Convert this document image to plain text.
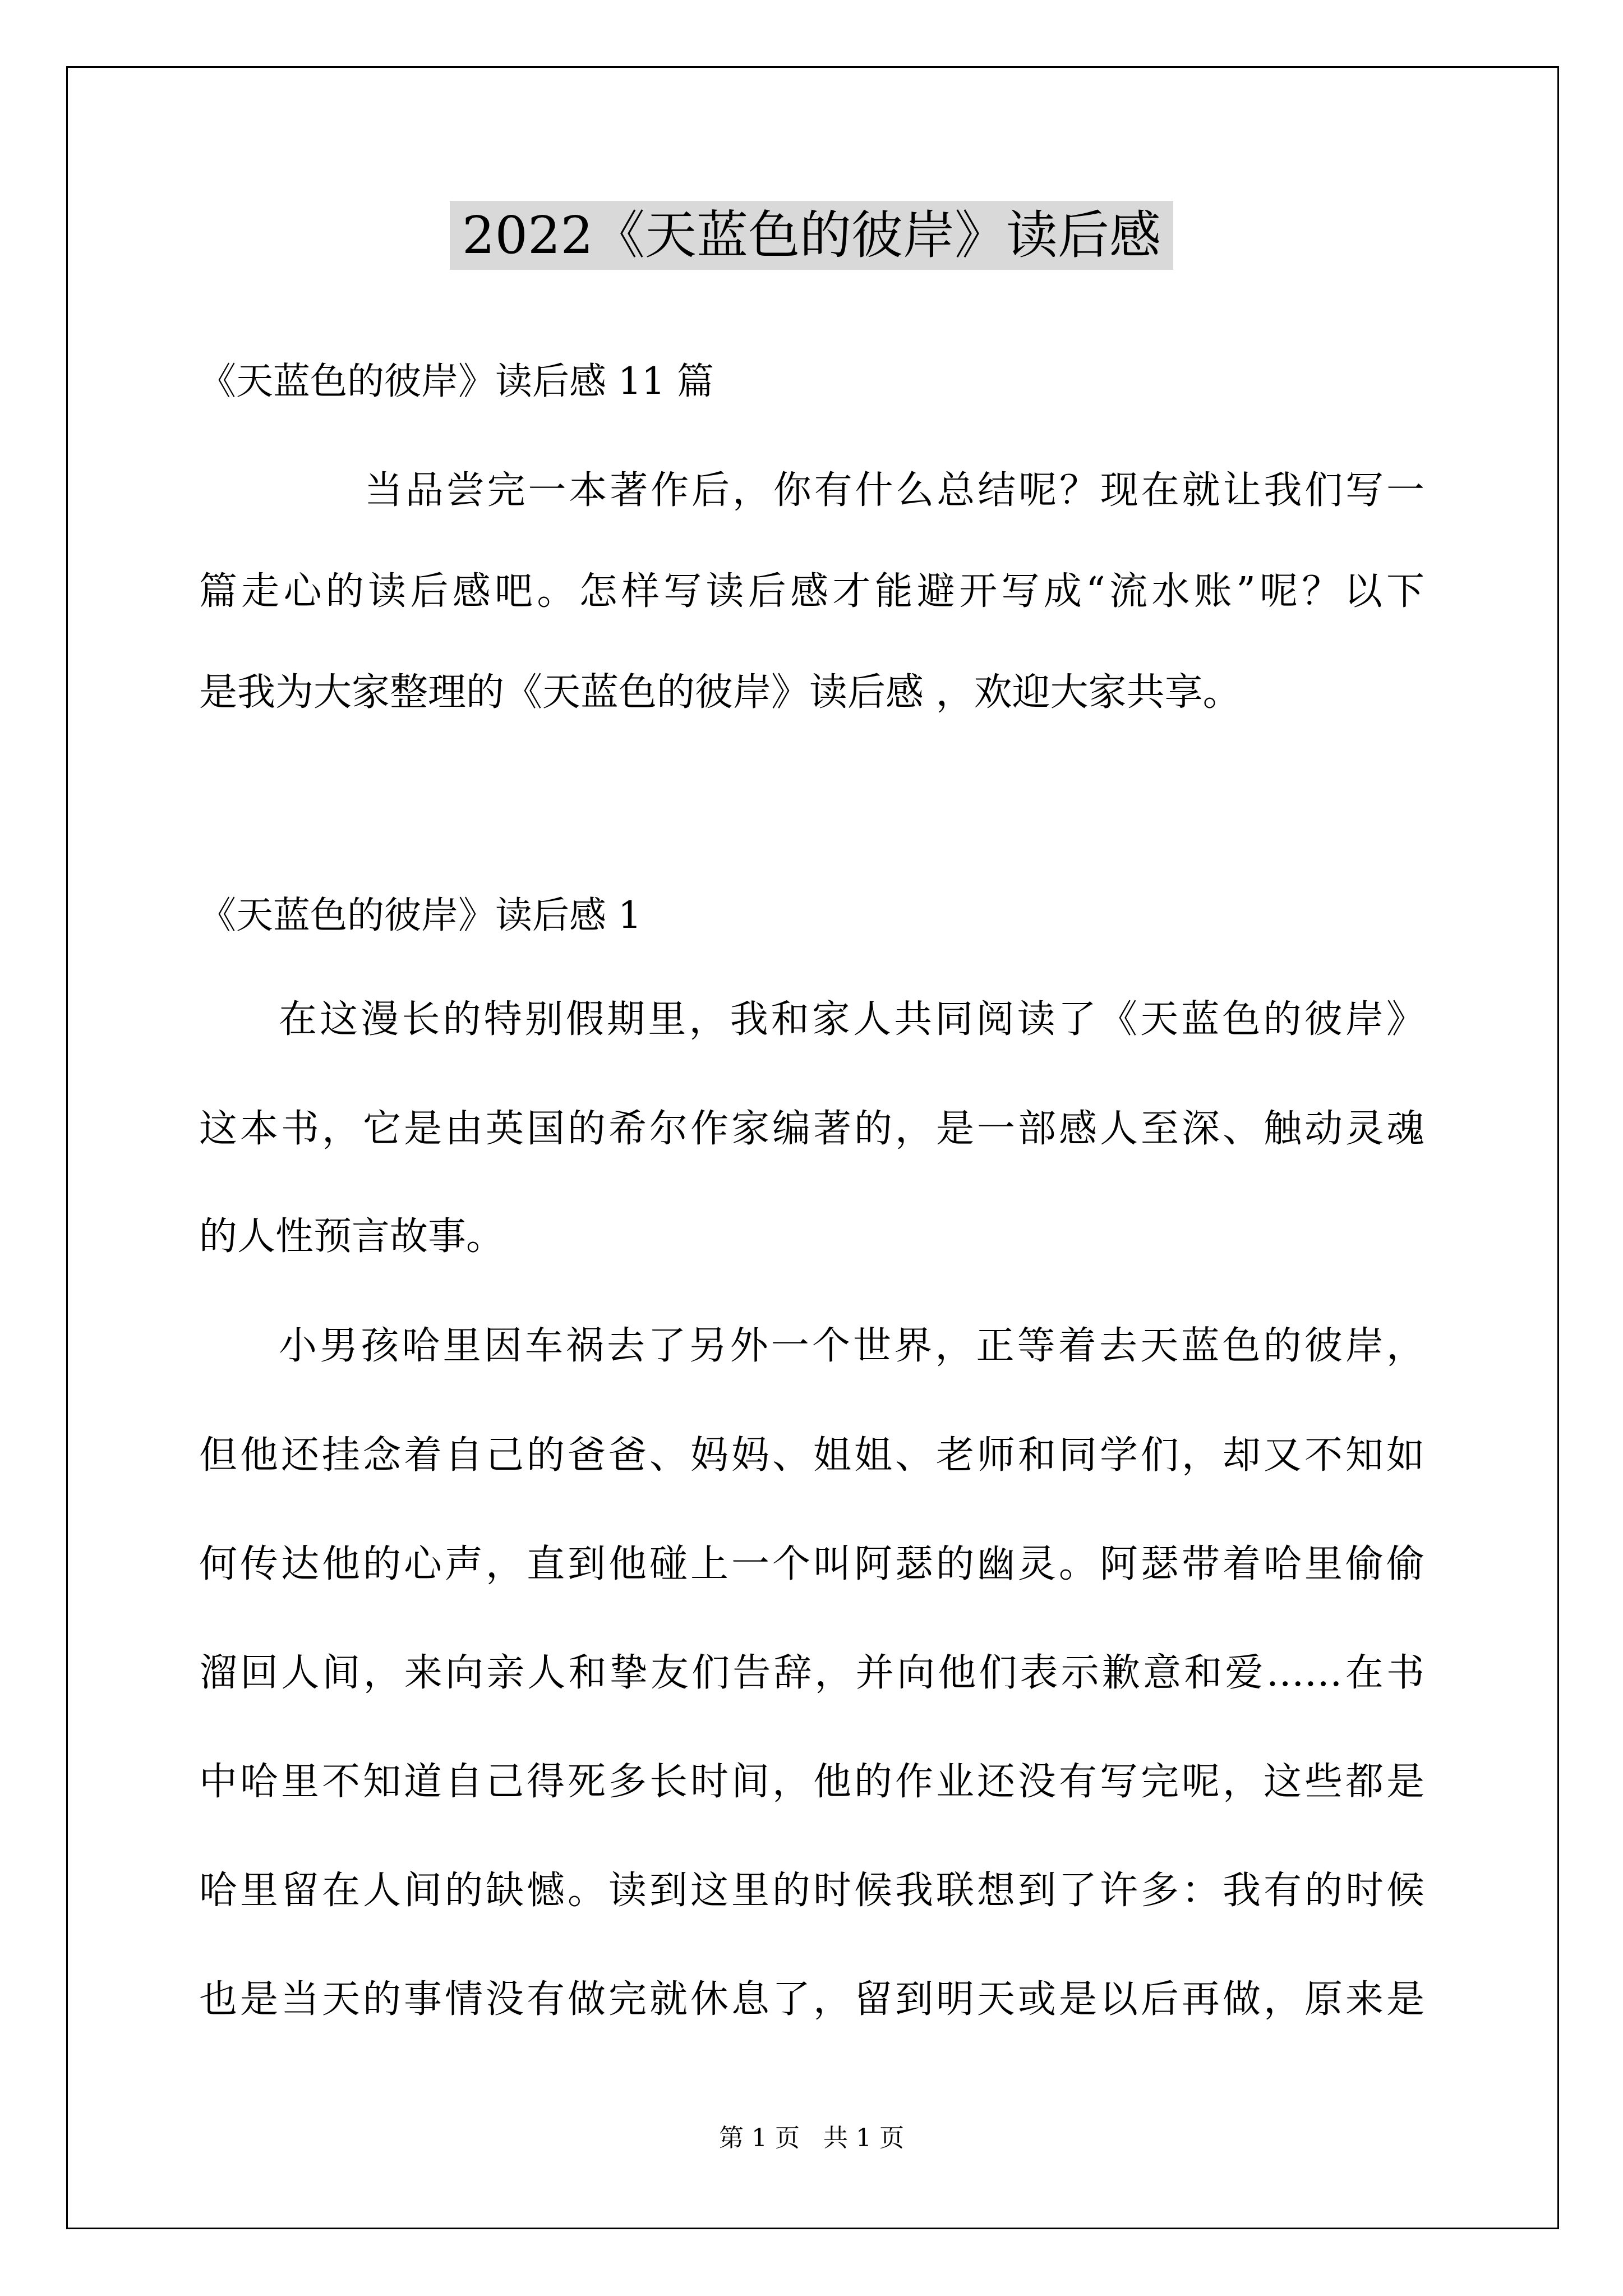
2022《天蓝色的彼岸》读后感
《天蓝色的彼岸》读后感 11 篇
当品尝完一本著作后，你有什么总结呢？现在就让我们写一
篇走心的读后感吧。怎样写读后感才能避开写成“流水账”呢？以下
是我为大家整理的《天蓝色的彼岸》读后感 ，欢迎大家共享。
《天蓝色的彼岸》读后感 1
在这漫长的特别假期里，我和家人共同阅读了《天蓝色的彼岸》
这本书，它是由英国的希尔作家编著的，是一部感人至深、触动灵魂
的人性预言故事。
小男孩哈里因车祸去了另外一个世界，正等着去天蓝色的彼岸，
但他还挂念着自己的爸爸、妈妈、姐姐、老师和同学们，却又不知如
何传达他的心声，直到他碰上一个叫阿瑟的幽灵。阿瑟带着哈里偷偷
溜回人间，来向亲人和挚友们告辞，并向他们表示歉意和爱……在书
中哈里不知道自己得死多长时间，他的作业还没有写完呢，这些都是
哈里留在人间的缺憾。读到这里的时候我联想到了许多：我有的时候
也是当天的事情没有做完就休息了，留到明天或是以后再做，原来是
第 1 页   共 1 页
